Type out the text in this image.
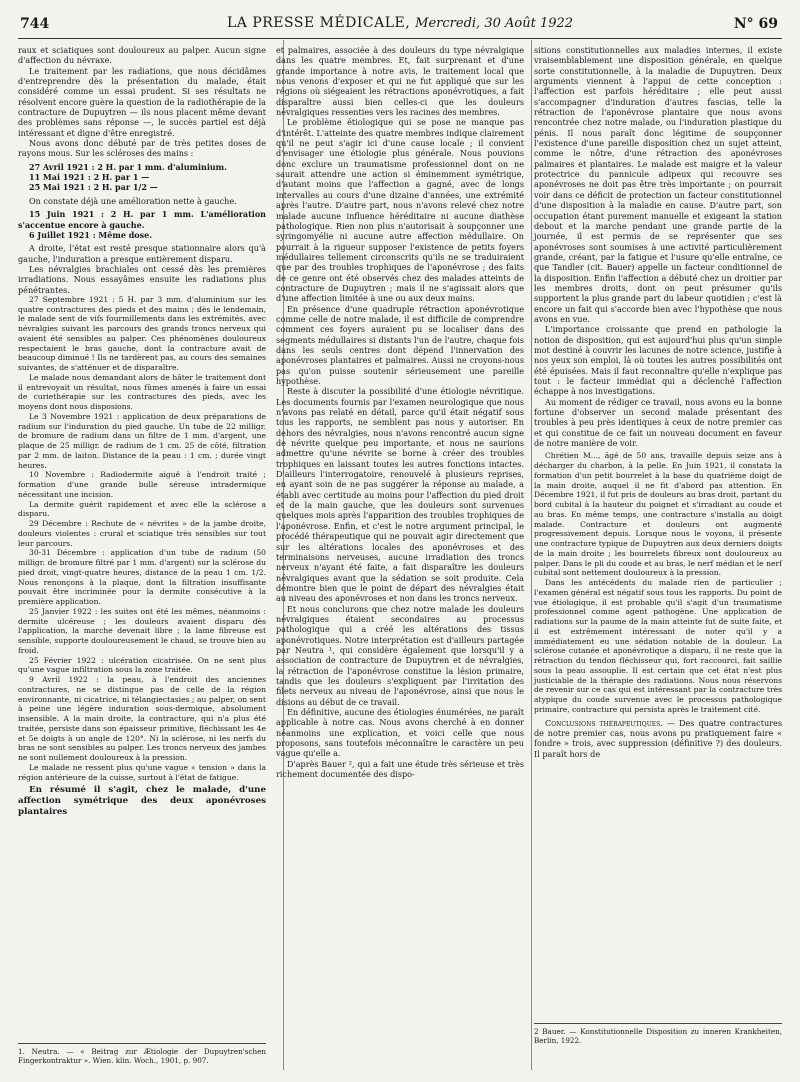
744	LA PRESSE MÉDICALE, Mercredi, 30 Août 1922	N° 69

raux et sciatiques sont douloureux au palper. Aucun signe d'affection du névraxe.

Le traitement par les radiations, que nous décidâmes d'entreprendre dès la présentation du malade, était considéré comme un essai prudent. Si ses résultats ne résolvent encore guère la question de la radiothérapie de la contracture de Dupuytren — ils nous placent même devant des problèmes sans réponse —, le succès partiel est déjà intéressant et digne d'être enregistré.

Nous avons donc débuté par de très petites doses de rayons mous. Sur les scléroses des mains :

27 Avril 1921 : 2 H. par 1 mm. d'aluminium.

11 Mai 1921 : 2 H. par 1 —

25 Mai 1921 : 2 H. par 1/2 —

On constate déjà une amélioration nette à gauche.

15 Juin 1921 : 2 H. par 1 mm. L'amélioration s'accentue encore à gauche.

6 Juillet 1921 : Même dose.

A droite, l'état est resté presque stationnaire alors qu'à gauche, l'induration a presque entièrement disparu.

Les névralgies brachiales ont cessé dès les premières irradiations. Nous essayâmes ensuite les radiations plus pénétrantes.

27 Septembre 1921 : 5 H. par 3 mm. d'aluminium sur les quatre contractures des pieds et des mains ; dès le lendemain, le malade sent de vifs fourmillements dans les extrémités, avec névralgies suivant les parcours des grands troncs nerveux qui avaient été sensibles au palper. Ces phénomènes douloureux respectaient le bras gauche, dont la contracture avait de beaucoup diminué ! Ils ne tardèrent pas, au cours des semaines suivantes, de s'atténuer et de disparaître.

Le malade nous demandant alors de hâter le traitement dont il entrevoyait un résultat, nous fûmes amenés à faire un essai de curiethérapie sur les contractures des pieds, avec les moyens dont nous disposions.

Le 3 Novembre 1921 : application de deux préparations de radium sur l'induration du pied gauche. Un tube de 22 milligr. de bromure de radium dans un filtre de 1 mm. d'argent, une plaque de 25 milligr. de radium de 1 cm. 25 de côté, filtration par 2 mm. de laiton. Distance de la peau : 1 cm. ; durée vingt heures.

10 Novembre : Radiodermite aiguë à l'endroit traité ; formation d'une grande bulle séreuse intradermique nécessitant une incision.

La dermite guérit rapidement et avec elle la sclérose a disparu.

29 Décembre : Rechute de « névrites » de la jambe droite, douleurs violentes : crural et sciatique très sensibles sur tout leur parcours.

30-31 Décembre : application d'un tube de radium (50 milligr. de bromure filtré par 1 mm. d'argent) sur la sclérose du pied droit, vingt-quatre heures, distance de la peau 1 cm. 1/2. Nous renonçons à la plaque, dont la filtration insuffisante pouvait être incriminée pour la dermite consécutive à la première application.

25 Janvier 1922 : les suites ont été les mêmes, néanmoins : dermite ulcéreuse ; les douleurs avaient disparu dès l'application, la marche devenait libre ; la lame fibreuse est sensible, supporte douloureusement le chaud, se trouve bien au froid.

25 Février 1922 : ulcération cicatrisée. On ne sent plus qu'une vague infiltration sous la zone traitée.

9 Avril 1922 : la peau, à l'endroit des anciennes contractures, ne se distingue pas de celle de la région environnante, ni cicatrice, ni télangiectasies ; au palper, on sent à peine une légère induration sous-dermique, absolument insensible. A la main droite, la contracture, qui n'a plus été traitée, persiste dans son épaisseur primitive, fléchissant les 4e et 5e doigts à un angle de 120°. Ni la sclérose, ni les nerfs du bras ne sont sensibles au palper. Les troncs nerveux des jambes ne sont nullement douloureux à la pression.

Le malade ne ressent plus qu'une vague « tension » dans la région antérieure de la cuisse, surtout à l'état de fatigue.

En résumé il s'agit, chez le malade, d'une affection symétrique des deux aponévroses plantaires

1. Neutra. — « Beitrag zur Ætiologie der Dupuytren'schen Fingerkontraktur ». Wien. klin. Woch., 1901, p. 907.

et palmaires, associée à des douleurs du type névralgique dans les quatre membres. Et, fait surprenant et d'une grande importance à notre avis, le traitement local que nous venons d'exposer et qui ne fut appliqué que sur les régions où siégeaient les rétractions aponévrotiques, a fait disparaître aussi bien celles-ci que les douleurs névralgiques ressenties vers les racines des membres.

Le problème étiologique qui se pose ne manque pas d'intérêt. L'atteinte des quatre membres indique clairement qu'il ne peut s'agir ici d'une cause locale ; il convient d'envisager une étiologie plus générale. Nous pouvions donc exclure un traumatisme professionnel dont on ne saurait attendre une action si éminemment symétrique, d'autant moins que l'affection a gagné, avec de longs intervalles au cours d'une dizaine d'années, une extrémité après l'autre. D'autre part, nous n'avons relevé chez notre malade aucune influence héréditaire ni aucune diathèse pathologique. Rien non plus n'autorisait à soupçonner une syringomyélie ni aucune autre affection médullaire. On pourrait à la rigueur supposer l'existence de petits foyers médullaires tellement circonscrits qu'ils ne se traduiraient que par des troubles trophiques de l'aponévrose ; des faits de ce genre ont été observés chez des malades atteints de contracture de Dupuytren ; mais il ne s'agissait alors que d'une affection limitée à une ou aux deux mains.

En présence d'une quadruple rétraction aponévrotique comme celle de notre malade, il est difficile de comprendre comment ces foyers auraient pu se localiser dans des segments médullaires si distants l'un de l'autre, chaque fois dans les seuls centres dont dépend l'innervation des aponévroses plantaires et palmaires. Aussi ne croyons-nous pas qu'on puisse soutenir sérieusement une pareille hypothèse.

Reste à discuter la possibilité d'une étiologie névritique. Les documents fournis par l'examen neurologique que nous n'avons pas relaté en détail, parce qu'il était négatif sous tous les rapports, ne semblent pas nous y autoriser. En dehors des névralgies, nous n'avons rencontré aucun signe de névrite quelque peu importante, et nous ne saurions admettre qu'une névrite se borne à créer des troubles trophiques en laissant toutes les autres fonctions intactes. D'ailleurs l'interrogatoire, renouvelé à plusieurs reprises, en ayant soin de ne pas suggérer la réponse au malade, a établi avec certitude au moins pour l'affection du pied droit et de la main gauche, que les douleurs sont survenues quelques mois après l'apparition des troubles trophiques de l'aponévrose. Enfin, et c'est le notre argument principal, le procédé thérapeutique qui ne pouvait agir directement que sur les altérations locales des aponévroses et des terminaisons nerveuses, aucune irradiation des troncs nerveux n'ayant été faite, a fait disparaître les douleurs névralgiques avant que la sédation se soit produite. Cela démontre bien que le point de départ des névralgies était au niveau des aponévroses et non dans les troncs nerveux.

Et nous conclurons que chez notre malade les douleurs névralgiques étaient secondaires au processus pathologique qui a créé les altérations des tissus aponévrotiques. Notre interprétation est d'ailleurs partagée par Neutra ¹, qui considère également que lorsqu'il y a association de contracture de Dupuytren et de névralgies, la rétraction de l'aponévrose constitue la lésion primaire, tandis que les douleurs s'expliquent par l'irritation des filets nerveux au niveau de l'aponévrose, ainsi que nous le disions au début de ce travail.

En définitive, aucune des étiologies énumérées, ne paraît applicable à notre cas. Nous avons cherché à en donner néanmoins une explication, et voici celle que nous proposons, sans toutefois méconnaître le caractère un peu vague qu'elle a.

D'après Bauer ², qui a fait une étude très sérieuse et très richement documentée des dispo-

sitions constitutionnelles aux maladies internes, il existe vraisemblablement une disposition générale, en quelque sorte constitutionnelle, à la maladie de Dupuytren. Deux arguments viennent à l'appui de cette conception : l'affection est parfois héréditaire ; elle peut aussi s'accompagner d'induration d'autres fascias, telle la rétraction de l'aponévrose plantaire que nous avons rencontrée chez notre malade, ou l'induration plastique du pénis. Il nous paraît donc légitime de soupçonner l'existence d'une pareille disposition chez un sujet atteint, comme le nôtre, d'une rétraction des aponévroses palmaires et plantaires. Le malade est maigre et la valeur protectrice du pannicule adipeux qui recouvre ses aponévroses ne doit pas être très importante ; on pourrait voir dans ce déficit de protection un facteur constitutionnel d'une disposition à la maladie en cause. D'autre part, son occupation étant purement manuelle et exigeant la station debout et la marche pendant une grande partie de la journée, il est permis de se représenter que ses aponévroses sont soumises à une activité particulièrement grande, créant, par la fatigue et l'usure qu'elle entraîne, ce que Tandler (cit. Bauer) appelle un facteur conditionnel de la disposition. Enfin l'affection a débuté chez un droitier par les membres droits, dont on peut présumer qu'ils supportent la plus grande part du labeur quotidien ; c'est là encore un fait qui s'accorde bien avec l'hypothèse que nous avons en vue.

L'importance croissante que prend en pathologie la notion de disposition, qui est aujourd'hui plus qu'un simple mot destiné à couvrir les lacunes de notre science, justifie à nos yeux son emploi, là où toutes les autres possibilités ont été épuisées. Mais il faut reconnaître qu'elle n'explique pas tout : le facteur immédiat qui a déclenché l'affection échappe à nos investigations.

Au moment de rédiger ce travail, nous avons eu la bonne fortune d'observer un second malade présentant des troubles à peu près identiques à ceux de notre premier cas et qui constitue de ce fait un nouveau document en faveur de notre manière de voir.

Chrétien M..., âgé de 50 ans, travaille depuis seize ans à décharger du charbon, à la pelle. En Juin 1921, il constata la formation d'un petit bourrelet à la base du quatrième doigt de la main droite, auquel il ne fit d'abord pas attention. En Décembre 1921, il fut pris de douleurs au bras droit, partant du bord cubital à la hauteur du poignet et s'irradiant au coude et au bras. En même temps, une contracture s'installa au doigt malade. Contracture et douleurs ont augmenté progressivement depuis. Lorsque nous le voyons, il présente une contracture typique de Dupuytren aux deux derniers doigts de la main droite ; les bourrelets fibreux sont douloureux au palper. Dans le pli du coude et au bras, le nerf médian et le nerf cubital sont nettement douloureux à la pression.

Dans les antécédents du malade rien de particulier ; l'examen général est négatif sous tous les rapports. Du point de vue étiologique, il est probable qu'il s'agit d'un traumatisme professionnel comme agent pathogène. Une application de radiations sur la paume de la main atteinte fut de suite faite, et il est extrêmement intéressant de noter qu'il y a immédiatement eu une sédation notable de la douleur. La sclérose cutanée et aponévrotique a disparu, il ne reste que la rétraction du tendon fléchisseur qui, fort raccourci, fait saillie sous la peau assouplie. Il est certain que cet état n'est plus justiciable de la thérapie des radiations. Nous nous réservons de revenir sur ce cas qui est intéressant par la contracture très atypique du coude survenue avec le processus pathologique primaire, contracture qui persista après le traitement cité.

Conclusions thérapeutiques. — Des quatre contractures de notre premier cas, nous avons pu pratiquement faire « fondre » trois, avec suppression (définitive ?) des douleurs. Il paraît hors de

2 Bauer. — Konstitutionnelle Disposition zu inneren Krankheiten, Berlin, 1922.
